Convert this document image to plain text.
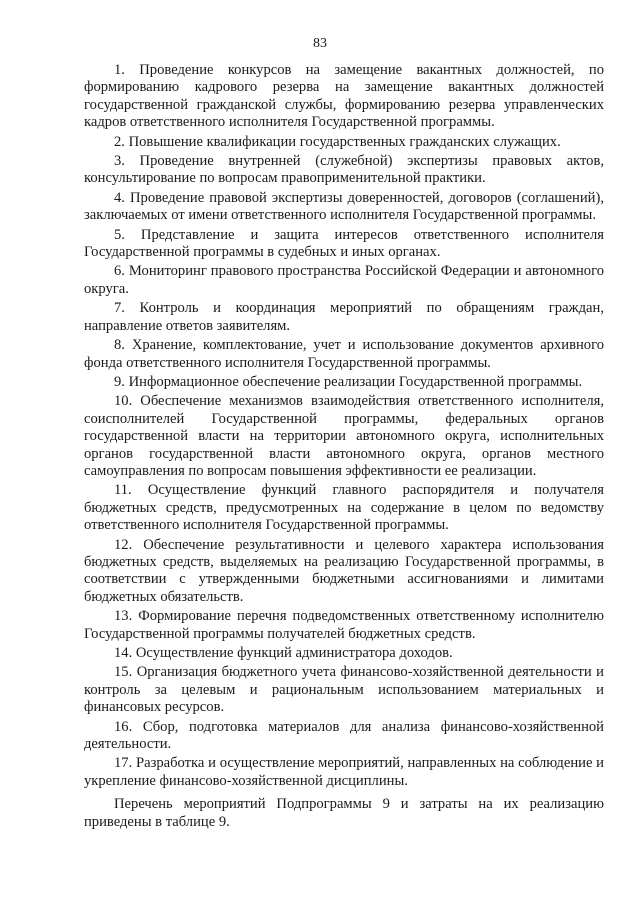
83

1. Проведение конкурсов на замещение вакантных должностей, по формированию кадрового резерва на замещение вакантных должностей государственной гражданской службы, формированию резерва управленческих кадров ответственного исполнителя Государственной программы.

2. Повышение квалификации государственных гражданских служащих.

3. Проведение внутренней (служебной) экспертизы правовых актов, консультирование по вопросам правоприменительной практики.

4. Проведение правовой экспертизы доверенностей, договоров (соглашений), заключаемых от имени ответственного исполнителя Государственной программы.

5. Представление и защита интересов ответственного исполнителя Государственной программы в судебных и иных органах.

6. Мониторинг правового пространства Российской Федерации и автономного округа.

7. Контроль и координация мероприятий по обращениям граждан, направление ответов заявителям.

8. Хранение, комплектование, учет и использование документов архивного фонда ответственного исполнителя Государственной программы.

9. Информационное обеспечение реализации Государственной программы.

10. Обеспечение механизмов взаимодействия ответственного исполнителя, соисполнителей Государственной программы, федеральных органов государственной власти на территории автономного округа, исполнительных органов государственной власти автономного округа, органов местного самоуправления по вопросам повышения эффективности ее реализации.

11. Осуществление функций главного распорядителя и получателя бюджетных средств, предусмотренных на содержание в целом по ведомству ответственного исполнителя Государственной программы.

12. Обеспечение результативности и целевого характера использования бюджетных средств, выделяемых на реализацию Государственной программы, в соответствии с утвержденными бюджетными ассигнованиями и лимитами бюджетных обязательств.

13. Формирование перечня подведомственных ответственному исполнителю Государственной программы получателей бюджетных средств.

14. Осуществление функций администратора доходов.

15. Организация бюджетного учета финансово-хозяйственной деятельности и контроль за целевым и рациональным использованием материальных и финансовых ресурсов.

16. Сбор, подготовка материалов для анализа финансово-хозяйственной деятельности.

17. Разработка и осуществление мероприятий, направленных на соблюдение и укрепление финансово-хозяйственной дисциплины.

Перечень мероприятий Подпрограммы 9 и затраты на их реализацию приведены в таблице 9.
